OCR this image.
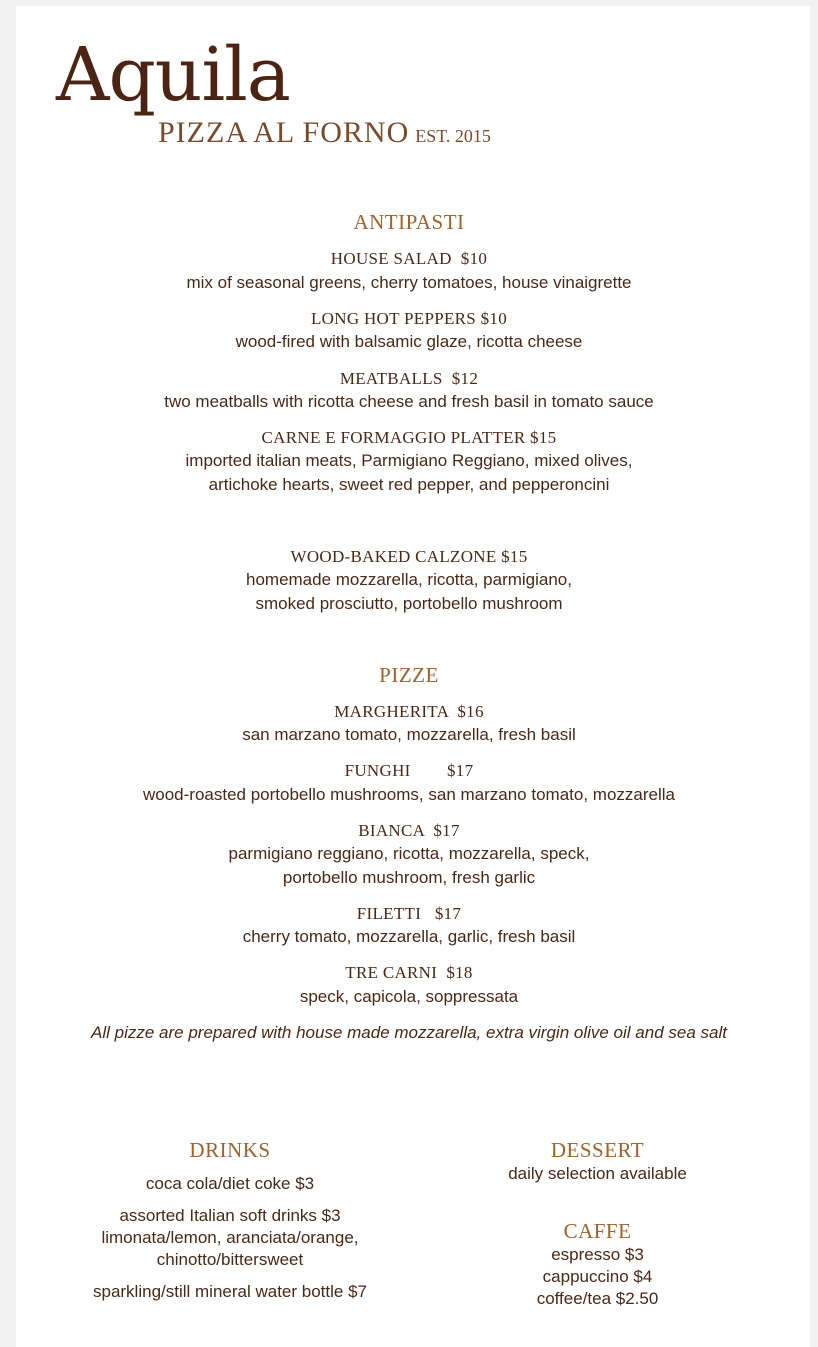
Aquila
PIZZA AL FORNO EST. 2015
ANTIPASTI
HOUSE SALAD  $10
mix of seasonal greens, cherry tomatoes, house vinaigrette
LONG HOT PEPPERS $10
wood-fired with balsamic glaze, ricotta cheese
MEATBALLS  $12
two meatballs with ricotta cheese and fresh basil in tomato sauce
CARNE E FORMAGGIO PLATTER $15
imported italian meats, Parmigiano Reggiano, mixed olives,
artichoke hearts, sweet red pepper, and pepperoncini
WOOD-BAKED CALZONE $15
homemade mozzarella, ricotta, parmigiano,
smoked prosciutto, portobello mushroom
PIZZE
MARGHERITA  $16
san marzano tomato, mozzarella, fresh basil
FUNGHI        $17
wood-roasted portobello mushrooms, san marzano tomato, mozzarella
BIANCA  $17
parmigiano reggiano, ricotta, mozzarella, speck,
portobello mushroom, fresh garlic
FILETTI   $17
cherry tomato, mozzarella, garlic, fresh basil
TRE CARNI  $18
speck, capicola, soppressata
All pizze are prepared with house made mozzarella, extra virgin olive oil and sea salt
DRINKS
coca cola/diet coke $3
assorted Italian soft drinks $3
limonata/lemon, aranciata/orange,
chinotto/bittersweet
sparkling/still mineral water bottle $7
DESSERT
daily selection available
CAFFE
espresso $3
cappuccino $4
coffee/tea $2.50
